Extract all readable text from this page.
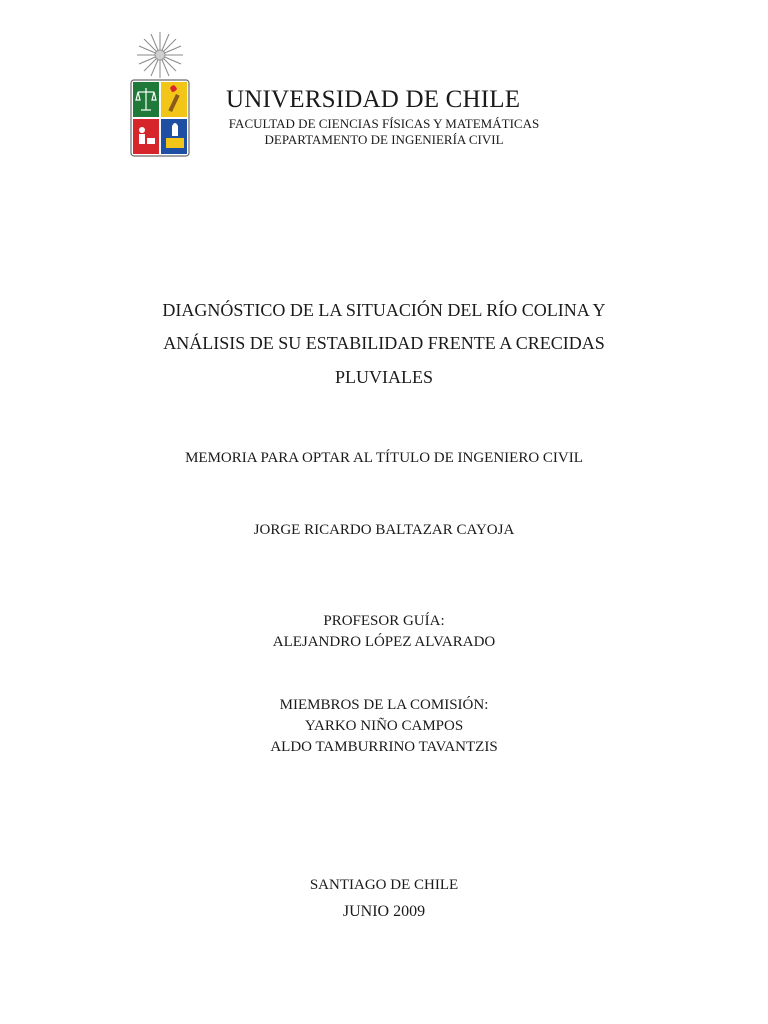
UNIVERSIDAD DE CHILE
FACULTAD DE CIENCIAS FÍSICAS Y MATEMÁTICAS
DEPARTAMENTO DE INGENIERÍA CIVIL
DIAGNÓSTICO DE LA SITUACIÓN DEL RÍO COLINA Y
ANÁLISIS DE SU ESTABILIDAD FRENTE A CRECIDAS
PLUVIALES
MEMORIA PARA OPTAR AL TÍTULO DE INGENIERO CIVIL
JORGE RICARDO BALTAZAR CAYOJA
PROFESOR GUÍA:
ALEJANDRO LÓPEZ ALVARADO
MIEMBROS DE LA COMISIÓN:
YARKO NIÑO CAMPOS
ALDO TAMBURRINO TAVANTZIS
SANTIAGO DE CHILE
JUNIO 2009
